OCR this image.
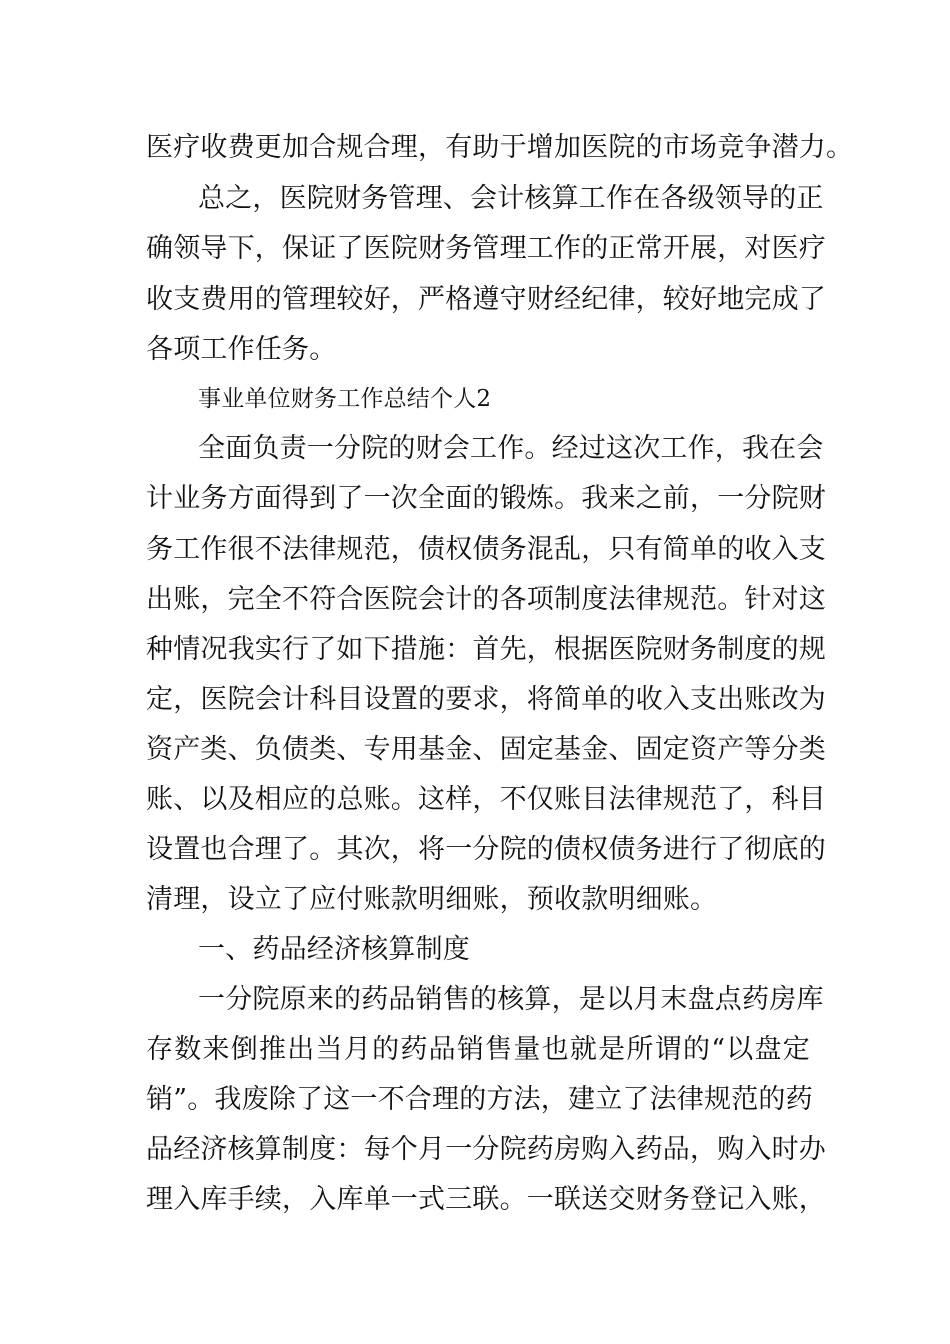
医疗收费更加合规合理，有助于增加医院的市场竞争潜力。
总之，医院财务管理、会计核算工作在各级领导的正
确领导下，保证了医院财务管理工作的正常开展，对医疗
收支费用的管理较好，严格遵守财经纪律，较好地完成了
各项工作任务。
事业单位财务工作总结个人2
全面负责一分院的财会工作。经过这次工作，我在会
计业务方面得到了一次全面的锻炼。我来之前，一分院财
务工作很不法律规范，债权债务混乱，只有简单的收入支
出账，完全不符合医院会计的各项制度法律规范。针对这
种情况我实行了如下措施：首先，根据医院财务制度的规
定，医院会计科目设置的要求，将简单的收入支出账改为
资产类、负债类、专用基金、固定基金、固定资产等分类
账、以及相应的总账。这样，不仅账目法律规范了，科目
设置也合理了。其次，将一分院的债权债务进行了彻底的
清理，设立了应付账款明细账，预收款明细账。
一、药品经济核算制度
一分院原来的药品销售的核算，是以月末盘点药房库
存数来倒推出当月的药品销售量也就是所谓的“以盘定
销”。我废除了这一不合理的方法，建立了法律规范的药
品经济核算制度：每个月一分院药房购入药品，购入时办
理入库手续，入库单一式三联。一联送交财务登记入账，
